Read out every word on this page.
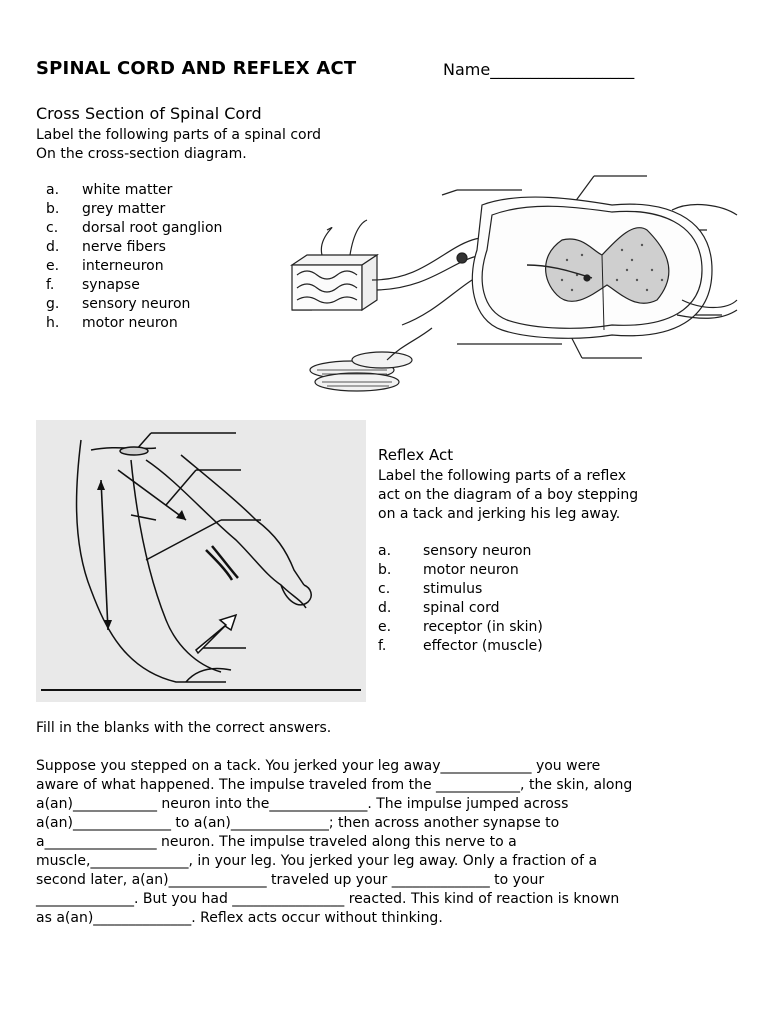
SPINAL CORD AND REFLEX ACT	Name__________________
Cross Section of Spinal Cord
Label the following parts of a spinal cord
On the cross-section diagram.
a.	white matter
b.	grey matter
c.	dorsal root ganglion
d.	nerve fibers
e.	interneuron
f.	synapse
g.	sensory neuron
h.	motor neuron
Reflex Act
Label the following parts of a reflex
act on the diagram of a boy stepping
on a tack and jerking his leg away.
a.	sensory neuron
b.	motor neuron
c.	stimulus
d.	spinal cord
e.	receptor (in skin)
f.	effector (muscle)
Fill in the blanks with the correct answers.
Suppose you stepped on a tack. You jerked your leg away_____________ you were
aware of what happened. The impulse traveled from the ____________, the skin, along
a(an)____________ neuron into the______________. The impulse jumped across
a(an)______________ to a(an)______________; then across another synapse to
a________________ neuron. The impulse traveled along this nerve to a
muscle,______________, in your leg. You jerked your leg away. Only a fraction of a
second later, a(an)______________ traveled up your ______________ to your
______________. But you had ________________ reacted. This kind of reaction is known
as a(an)______________. Reflex acts occur without thinking.
